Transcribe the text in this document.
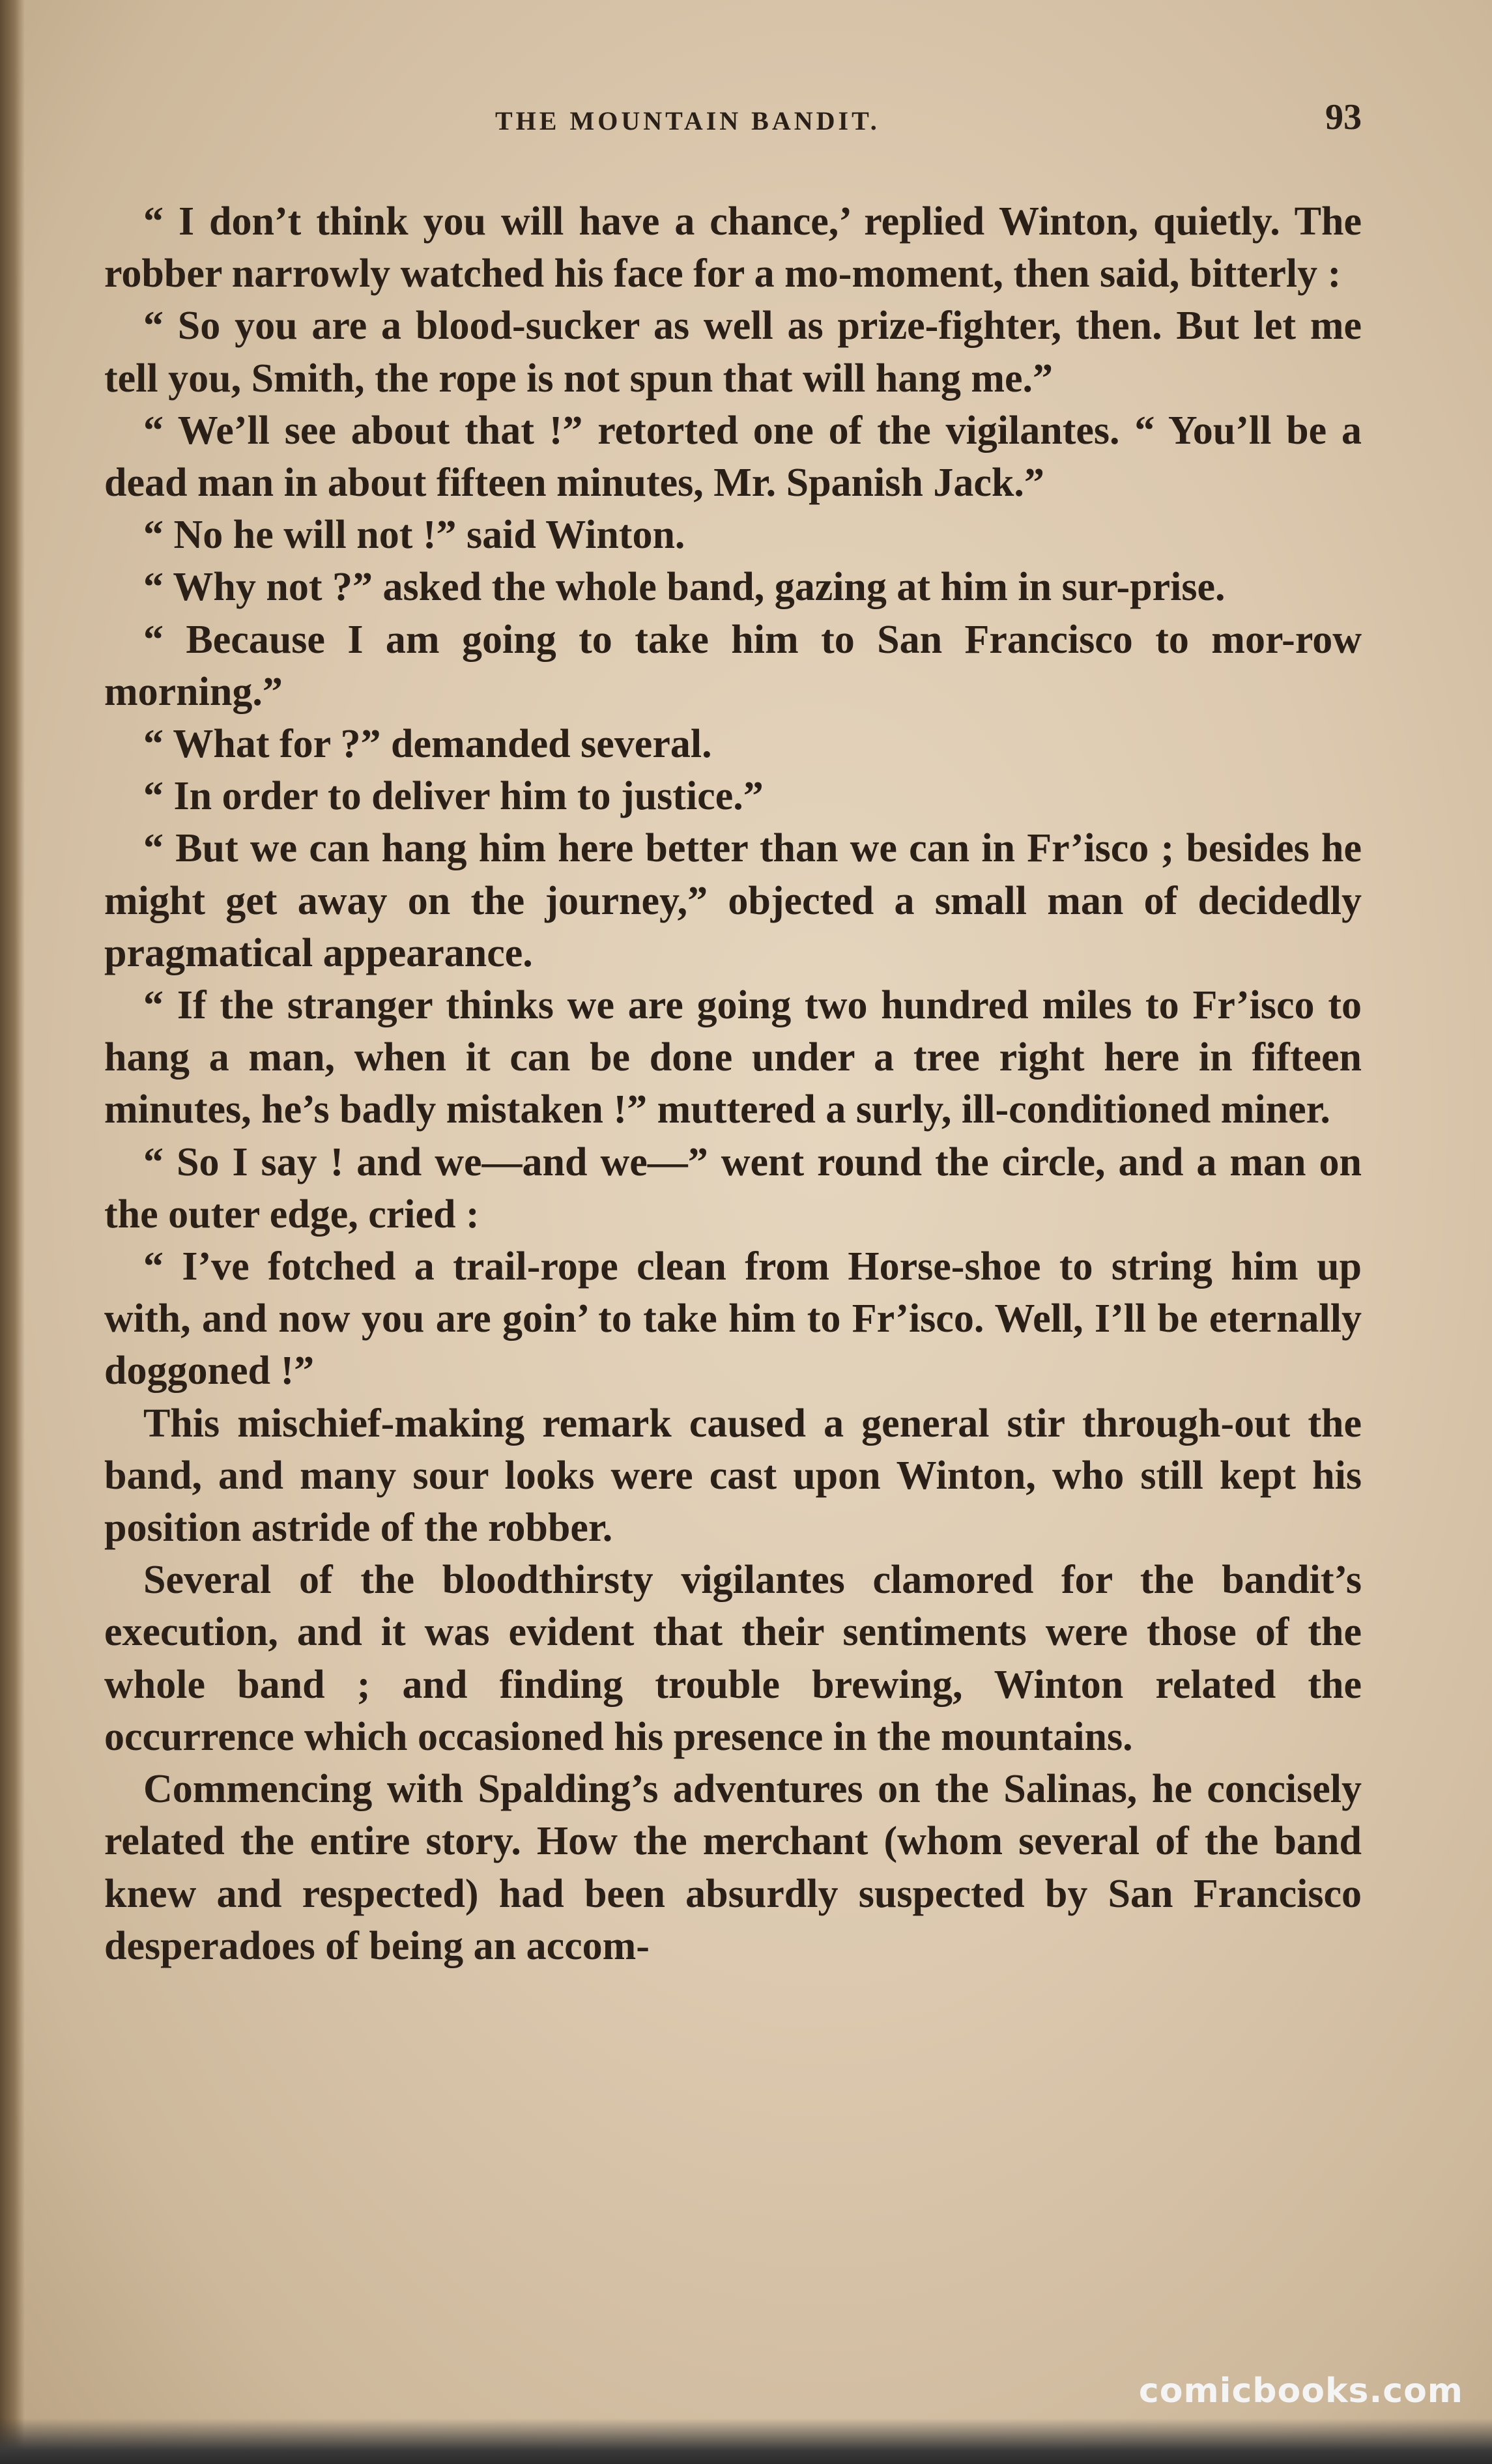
THE MOUNTAIN BANDIT.	93

“ I don’t think you will have a chance,’ replied Winton, quietly. The robber narrowly watched his face for a mo-moment, then said, bitterly :

“ So you are a blood-sucker as well as prize-fighter, then. But let me tell you, Smith, the rope is not spun that will hang me.”

“ We’ll see about that !” retorted one of the vigilantes. “ You’ll be a dead man in about fifteen minutes, Mr. Spanish Jack.”

“ No he will not !” said Winton.

“ Why not ?” asked the whole band, gazing at him in sur-prise.

“ Because I am going to take him to San Francisco to mor-row morning.”

“ What for ?” demanded several.

“ In order to deliver him to justice.”

“ But we can hang him here better than we can in Fr’isco ; besides he might get away on the journey,” objected a small man of decidedly pragmatical appearance.

“ If the stranger thinks we are going two hundred miles to Fr’isco to hang a man, when it can be done under a tree right here in fifteen minutes, he’s badly mistaken !” muttered a surly, ill-conditioned miner.

“ So I say ! and we—and we—” went round the circle, and a man on the outer edge, cried :

“ I’ve fotched a trail-rope clean from Horse-shoe to string him up with, and now you are goin’ to take him to Fr’isco. Well, I’ll be eternally doggoned !”

This mischief-making remark caused a general stir through-out the band, and many sour looks were cast upon Winton, who still kept his position astride of the robber.

Several of the bloodthirsty vigilantes clamored for the bandit’s execution, and it was evident that their sentiments were those of the whole band ; and finding trouble brewing, Winton related the occurrence which occasioned his presence in the mountains.

Commencing with Spalding’s adventures on the Salinas, he concisely related the entire story. How the merchant (whom several of the band knew and respected) had been absurdly suspected by San Francisco desperadoes of being an accom-

comicbooks.com
